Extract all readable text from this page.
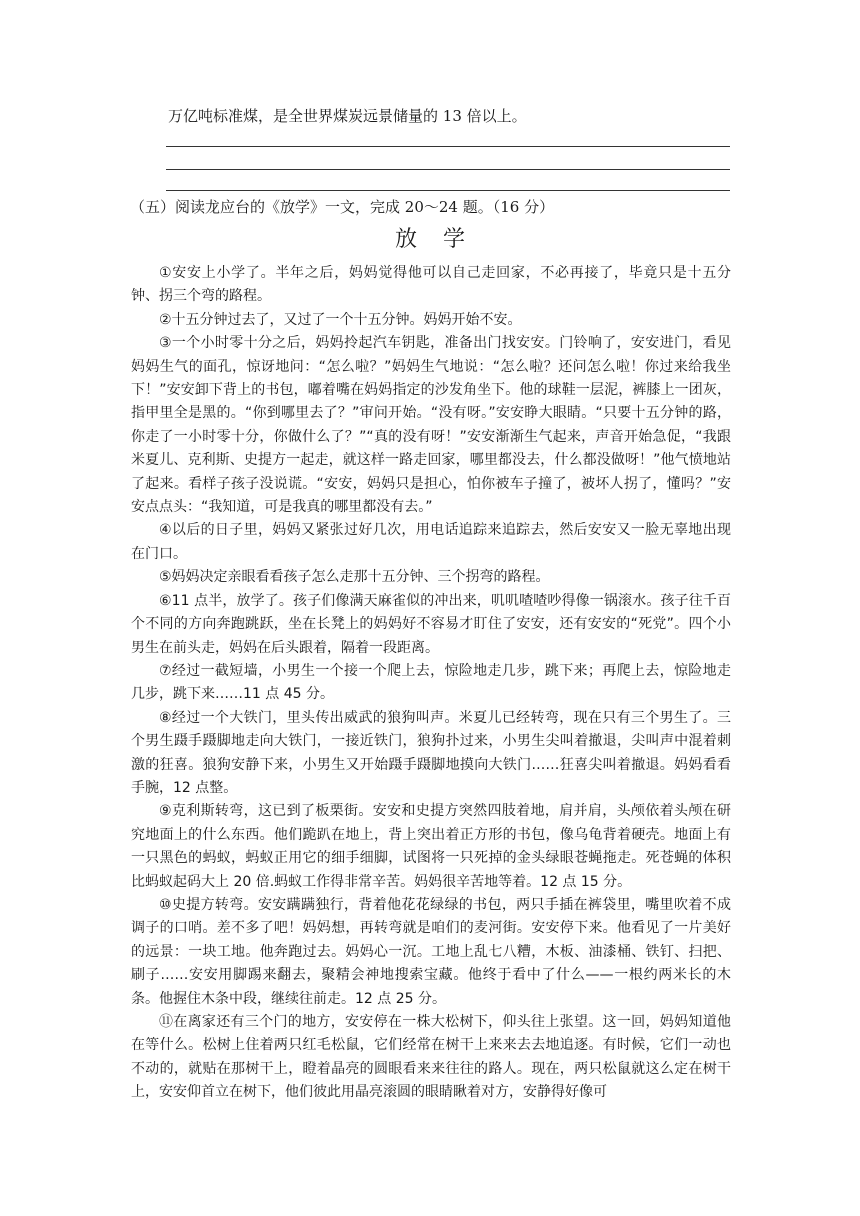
万亿吨标准煤，是全世界煤炭远景储量的 13 倍以上。
（五）阅读龙应台的《放学》一文，完成 20～24 题。（16 分）
放学

①安安上小学了。半年之后，妈妈觉得他可以自己走回家，不必再接了，毕竟只是十五分钟、拐三个弯的路程。

②十五分钟过去了，又过了一个十五分钟。妈妈开始不安。

③一个小时零十分之后，妈妈拎起汽车钥匙，准备出门找安安。门铃响了，安安进门，看见妈妈生气的面孔，惊讶地问：“怎么啦？”妈妈生气地说：“怎么啦？还问怎么啦！你过来给我坐下！”安安卸下背上的书包，嘟着嘴在妈妈指定的沙发角坐下。他的球鞋一层泥，裤膝上一团灰，指甲里全是黑的。“你到哪里去了？”审问开始。“没有呀。”安安睁大眼睛。“只要十五分钟的路，你走了一小时零十分，你做什么了？”“真的没有呀！”安安渐渐生气起来，声音开始急促，“我跟米夏儿、克利斯、史提方一起走，就这样一路走回家，哪里都没去，什么都没做呀！”他气愤地站了起来。看样子孩子没说谎。“安安，妈妈只是担心，怕你被车子撞了，被坏人拐了，懂吗？”安安点点头：“我知道，可是我真的哪里都没有去。”

④以后的日子里，妈妈又紧张过好几次，用电话追踪来追踪去，然后安安又一脸无辜地出现在门口。

⑤妈妈决定亲眼看看孩子怎么走那十五分钟、三个拐弯的路程。

⑥11 点半，放学了。孩子们像满天麻雀似的冲出来，叽叽喳喳吵得像一锅滚水。孩子往千百个不同的方向奔跑跳跃，坐在长凳上的妈妈好不容易才盯住了安安，还有安安的“死党”。四个小男生在前头走，妈妈在后头跟着，隔着一段距离。

⑦经过一截短墙，小男生一个接一个爬上去，惊险地走几步，跳下来；再爬上去，惊险地走几步，跳下来……11 点 45 分。

⑧经过一个大铁门，里头传出威武的狼狗叫声。米夏儿已经转弯，现在只有三个男生了。三个男生蹑手蹑脚地走向大铁门，一接近铁门，狼狗扑过来，小男生尖叫着撤退，尖叫声中混着刺激的狂喜。狼狗安静下来，小男生又开始蹑手蹑脚地摸向大铁门……狂喜尖叫着撤退。妈妈看看手腕，12 点整。

⑨克利斯转弯，这已到了板栗街。安安和史提方突然四肢着地，肩并肩，头颅依着头颅在研究地面上的什么东西。他们跪趴在地上，背上突出着正方形的书包，像乌龟背着硬壳。地面上有一只黑色的蚂蚁，蚂蚁正用它的细手细脚，试图将一只死掉的金头绿眼苍蝇拖走。死苍蝇的体积比蚂蚁起码大上 20 倍.蚂蚁工作得非常辛苦。妈妈很辛苦地等着。12 点 15 分。

⑩史提方转弯。安安蹒蹒独行，背着他花花绿绿的书包，两只手插在裤袋里，嘴里吹着不成调子的口哨。差不多了吧！妈妈想，再转弯就是咱们的麦河街。安安停下来。他看见了一片美好的远景：一块工地。他奔跑过去。妈妈心一沉。工地上乱七八糟，木板、油漆桶、铁钉、扫把、刷子……安安用脚踢来翻去，聚精会神地搜索宝藏。他终于看中了什么——一根约两米长的木条。他握住木条中段，继续往前走。12 点 25 分。

⑪在离家还有三个门的地方，安安停在一株大松树下，仰头往上张望。这一回，妈妈知道他在等什么。松树上住着两只红毛松鼠，它们经常在树干上来来去去地追逐。有时候，它们一动也不动的，就贴在那树干上，瞪着晶亮的圆眼看来来往往的路人。现在，两只松鼠就这么定在树干上，安安仰首立在树下，他们彼此用晶亮滚圆的眼睛瞅着对方，安静得好像可
